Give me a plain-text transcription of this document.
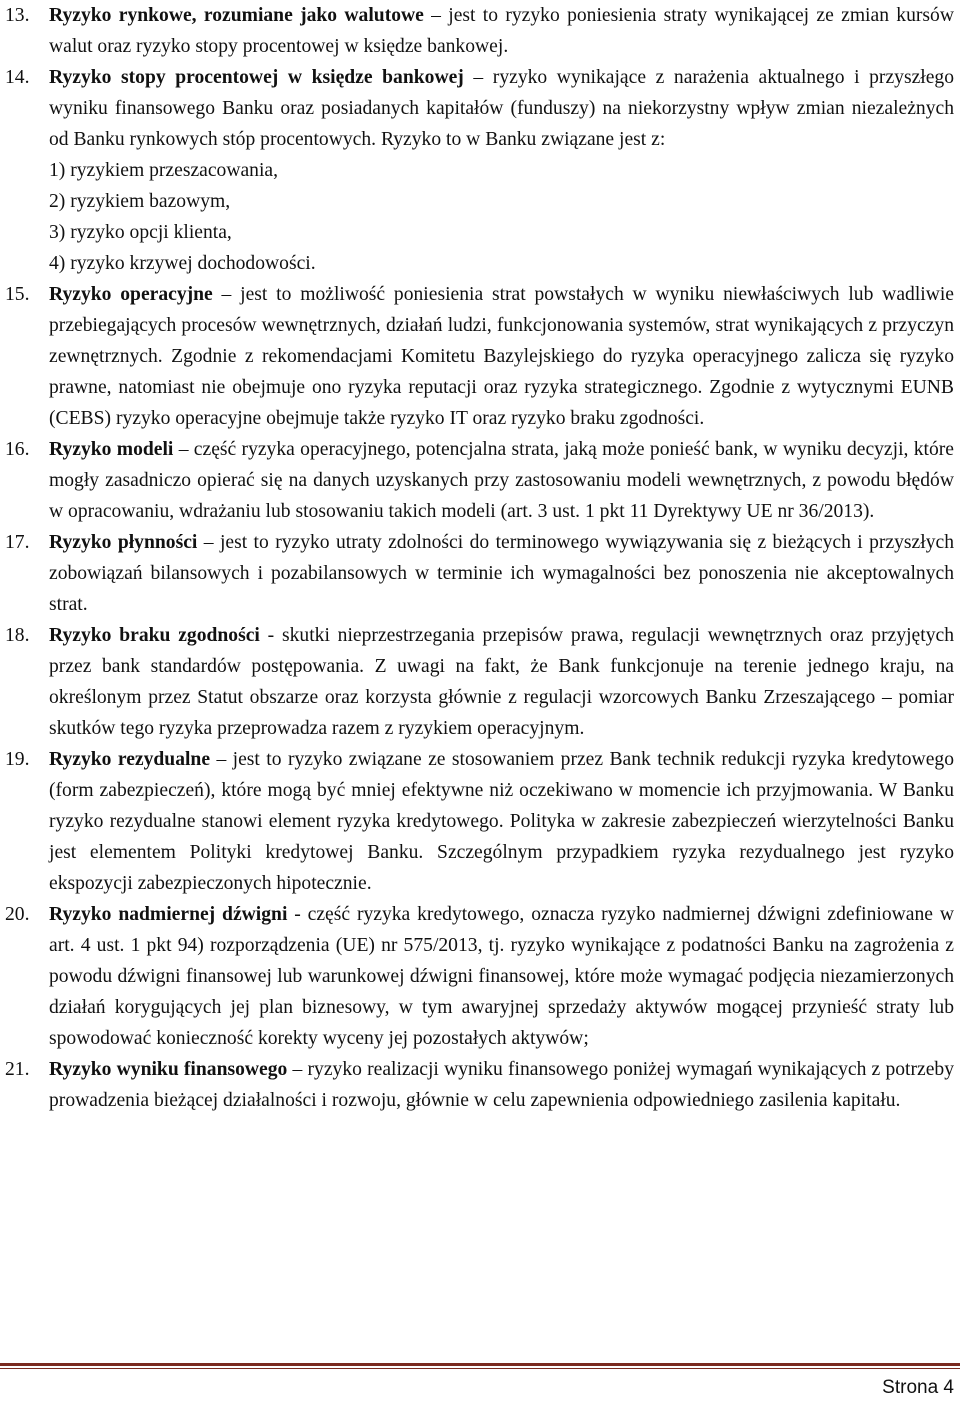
13. Ryzyko rynkowe, rozumiane jako walutowe – jest to ryzyko poniesienia straty wynikającej ze zmian kursów walut oraz ryzyko stopy procentowej w księdze bankowej.
14. Ryzyko stopy procentowej w księdze bankowej – ryzyko wynikające z narażenia aktualnego i przyszłego wyniku finansowego Banku oraz posiadanych kapitałów (funduszy) na niekorzystny wpływ zmian niezależnych od Banku rynkowych stóp procentowych. Ryzyko to w Banku związane jest z:
1) ryzykiem przeszacowania,
2) ryzykiem bazowym,
3) ryzyko opcji klienta,
4) ryzyko krzywej dochodowości.
15. Ryzyko operacyjne – jest to możliwość poniesienia strat powstałych w wyniku niewłaściwych lub wadliwie przebiegających procesów wewnętrznych, działań ludzi, funkcjonowania systemów, strat wynikających z przyczyn zewnętrznych. Zgodnie z rekomendacjami Komitetu Bazylejskiego do ryzyka operacyjnego zalicza się ryzyko prawne, natomiast nie obejmuje ono ryzyka reputacji oraz ryzyka strategicznego. Zgodnie z wytycznymi EUNB (CEBS) ryzyko operacyjne obejmuje także ryzyko IT oraz ryzyko braku zgodności.
16. Ryzyko modeli – część ryzyka operacyjnego, potencjalna strata, jaką może ponieść bank, w wyniku decyzji, które mogły zasadniczo opierać się na danych uzyskanych przy zastosowaniu modeli wewnętrznych, z powodu błędów w opracowaniu, wdrażaniu lub stosowaniu takich modeli (art. 3 ust. 1 pkt 11 Dyrektywy UE nr 36/2013).
17. Ryzyko płynności – jest to ryzyko utraty zdolności do terminowego wywiązywania się z bieżących i przyszłych zobowiązań bilansowych i pozabilansowych w terminie ich wymagalności bez ponoszenia nie akceptowalnych strat.
18. Ryzyko braku zgodności - skutki nieprzestrzegania przepisów prawa, regulacji wewnętrznych oraz przyjętych przez bank standardów postępowania. Z uwagi na fakt, że Bank funkcjonuje na terenie jednego kraju, na określonym przez Statut obszarze oraz korzysta głównie z regulacji wzorcowych Banku Zrzeszającego – pomiar skutków tego ryzyka przeprowadza razem z ryzykiem operacyjnym.
19. Ryzyko rezydualne – jest to ryzyko związane ze stosowaniem przez Bank technik redukcji ryzyka kredytowego (form zabezpieczeń), które mogą być mniej efektywne niż oczekiwano w momencie ich przyjmowania. W Banku ryzyko rezydualne stanowi element ryzyka kredytowego. Polityka w zakresie zabezpieczeń wierzytelności Banku jest elementem Polityki kredytowej Banku. Szczególnym przypadkiem ryzyka rezydualnego jest ryzyko ekspozycji zabezpieczonych hipotecznie.
20. Ryzyko nadmiernej dźwigni - część ryzyka kredytowego, oznacza ryzyko nadmiernej dźwigni zdefiniowane w art. 4 ust. 1 pkt 94) rozporządzenia (UE) nr 575/2013, tj. ryzyko wynikające z podatności Banku na zagrożenia z powodu dźwigni finansowej lub warunkowej dźwigni finansowej, które może wymagać podjęcia niezamierzonych działań korygujących jej plan biznesowy, w tym awaryjnej sprzedaży aktywów mogącej przynieść straty lub spowodować konieczność korekty wyceny jej pozostałych aktywów;
21. Ryzyko wyniku finansowego – ryzyko realizacji wyniku finansowego poniżej wymagań wynikających z potrzeby prowadzenia bieżącej działalności i rozwoju, głównie w celu zapewnienia odpowiedniego zasilenia kapitału.
Strona 4
